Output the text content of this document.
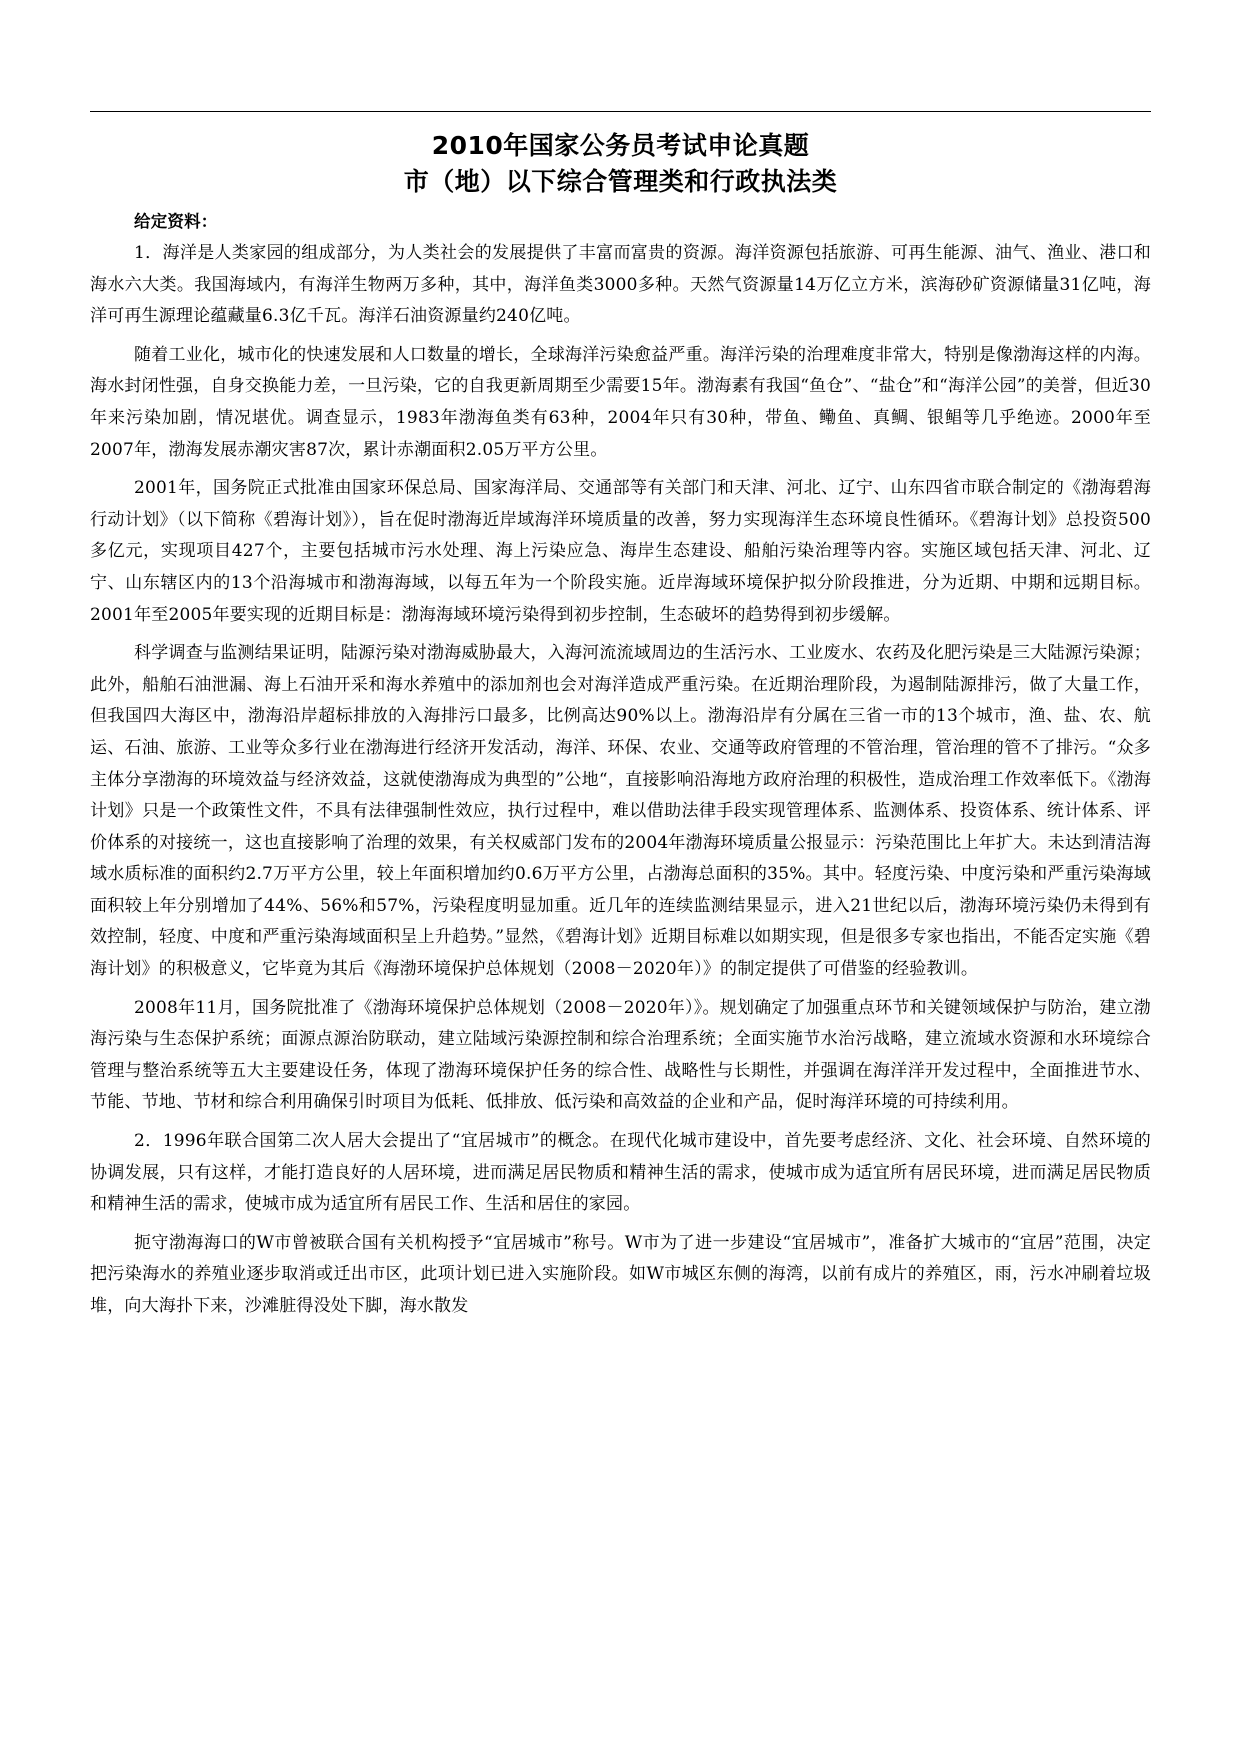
2010年国家公务员考试申论真题
市（地）以下综合管理类和行政执法类

给定资料：

1．海洋是人类家园的组成部分，为人类社会的发展提供了丰富而富贵的资源。海洋资源包括旅游、可再生能源、油气、渔业、港口和海水六大类。我国海域内，有海洋生物两万多种，其中，海洋鱼类3000多种。天然气资源量14万亿立方米，滨海砂矿资源储量31亿吨，海洋可再生源理论蕴藏量6.3亿千瓦。海洋石油资源量约240亿吨。

随着工业化，城市化的快速发展和人口数量的增长，全球海洋污染愈益严重。海洋污染的治理难度非常大，特别是像渤海这样的内海。海水封闭性强，自身交换能力差，一旦污染，它的自我更新周期至少需要15年。渤海素有我国“鱼仓”、“盐仓”和“海洋公园”的美誉，但近30年来污染加剧，情况堪优。调查显示，1983年渤海鱼类有63种，2004年只有30种，带鱼、鳓鱼、真鲷、银鲳等几乎绝迹。2000年至2007年，渤海发展赤潮灾害87次，累计赤潮面积2.05万平方公里。

2001年，国务院正式批准由国家环保总局、国家海洋局、交通部等有关部门和天津、河北、辽宁、山东四省市联合制定的《渤海碧海行动计划》（以下简称《碧海计划》），旨在促时渤海近岸域海洋环境质量的改善，努力实现海洋生态环境良性循环。《碧海计划》总投资500多亿元，实现项目427个，主要包括城市污水处理、海上污染应急、海岸生态建设、船舶污染治理等内容。实施区域包括天津、河北、辽宁、山东辖区内的13个沿海城市和渤海海域，以每五年为一个阶段实施。近岸海域环境保护拟分阶段推进，分为近期、中期和远期目标。2001年至2005年要实现的近期目标是：渤海海域环境污染得到初步控制，生态破坏的趋势得到初步缓解。

科学调查与监测结果证明，陆源污染对渤海威胁最大，入海河流流域周边的生活污水、工业废水、农药及化肥污染是三大陆源污染源；此外，船舶石油泄漏、海上石油开采和海水养殖中的添加剂也会对海洋造成严重污染。在近期治理阶段，为遏制陆源排污，做了大量工作，但我国四大海区中，渤海沿岸超标排放的入海排污口最多，比例高达90%以上。渤海沿岸有分属在三省一市的13个城市，渔、盐、农、航运、石油、旅游、工业等众多行业在渤海进行经济开发活动，海洋、环保、农业、交通等政府管理的不管治理，管治理的管不了排污。“众多主体分享渤海的环境效益与经济效益，这就使渤海成为典型的”公地“，直接影响沿海地方政府治理的积极性，造成治理工作效率低下。《渤海计划》只是一个政策性文件，不具有法律强制性效应，执行过程中，难以借助法律手段实现管理体系、监测体系、投资体系、统计体系、评价体系的对接统一，这也直接影响了治理的效果，有关权威部门发布的2004年渤海环境质量公报显示：污染范围比上年扩大。未达到清洁海域水质标准的面积约2.7万平方公里，较上年面积增加约0.6万平方公里，占渤海总面积的35%。其中。轻度污染、中度污染和严重污染海域面积较上年分别增加了44%、56%和57%，污染程度明显加重。近几年的连续监测结果显示，进入21世纪以后，渤海环境污染仍未得到有效控制，轻度、中度和严重污染海域面积呈上升趋势。”显然，《碧海计划》近期目标难以如期实现，但是很多专家也指出，不能否定实施《碧海计划》的积极意义，它毕竟为其后《海渤环境保护总体规划（2008－2020年）》的制定提供了可借鉴的经验教训。

2008年11月，国务院批准了《渤海环境保护总体规划（2008－2020年）》。规划确定了加强重点环节和关键领域保护与防治，建立渤海污染与生态保护系统；面源点源治防联动，建立陆域污染源控制和综合治理系统；全面实施节水治污战略，建立流域水资源和水环境综合管理与整治系统等五大主要建设任务，体现了渤海环境保护任务的综合性、战略性与长期性，并强调在海洋洋开发过程中，全面推进节水、节能、节地、节材和综合利用确保引时项目为低耗、低排放、低污染和高效益的企业和产品，促时海洋环境的可持续利用。

2．1996年联合国第二次人居大会提出了“宜居城市”的概念。在现代化城市建设中，首先要考虑经济、文化、社会环境、自然环境的协调发展，只有这样，才能打造良好的人居环境，进而满足居民物质和精神生活的需求，使城市成为适宜所有居民环境，进而满足居民物质和精神生活的需求，使城市成为适宜所有居民工作、生活和居住的家园。

扼守渤海海口的W市曾被联合国有关机构授予“宜居城市”称号。W市为了进一步建设“宜居城市”，准备扩大城市的“宜居”范围，决定把污染海水的养殖业逐步取消或迁出市区，此项计划已进入实施阶段。如W市城区东侧的海湾，以前有成片的养殖区，雨，污水冲刷着垃圾堆，向大海扑下来，沙滩脏得没处下脚，海水散发
